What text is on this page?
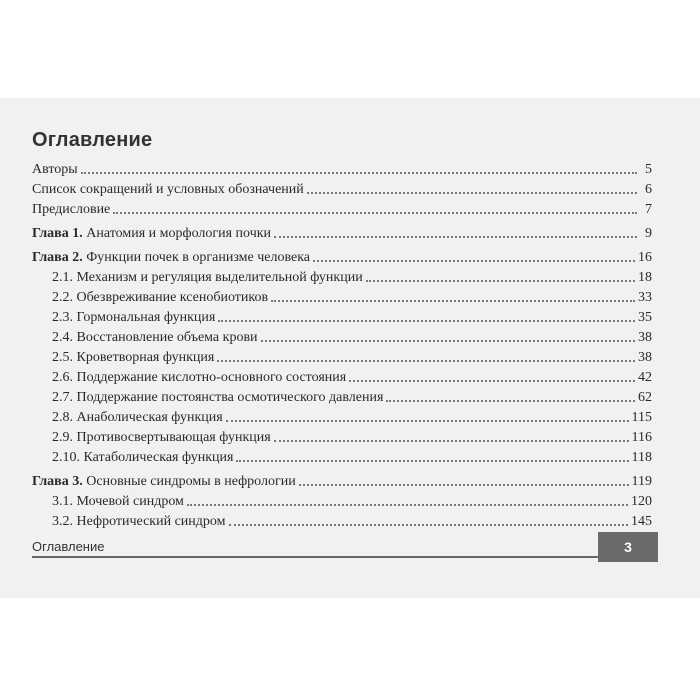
Оглавление
Авторы	5
Список сокращений и условных обозначений	6
Предисловие	7
Глава 1. Анатомия и морфология почки	9
Глава 2. Функции почек в организме человека	16
2.1. Механизм и регуляция выделительной функции	18
2.2. Обезвреживание ксенобиотиков	33
2.3. Гормональная функция	35
2.4. Восстановление объема крови	38
2.5. Кроветворная функция	38
2.6. Поддержание кислотно-основного состояния	42
2.7. Поддержание постоянства осмотического давления	62
2.8. Анаболическая функция	115
2.9. Противосвертывающая функция	116
2.10. Катаболическая функция	118
Глава 3. Основные синдромы в нефрологии	119
3.1. Мочевой синдром	120
3.2. Нефротический синдром	145
Оглавление	3
